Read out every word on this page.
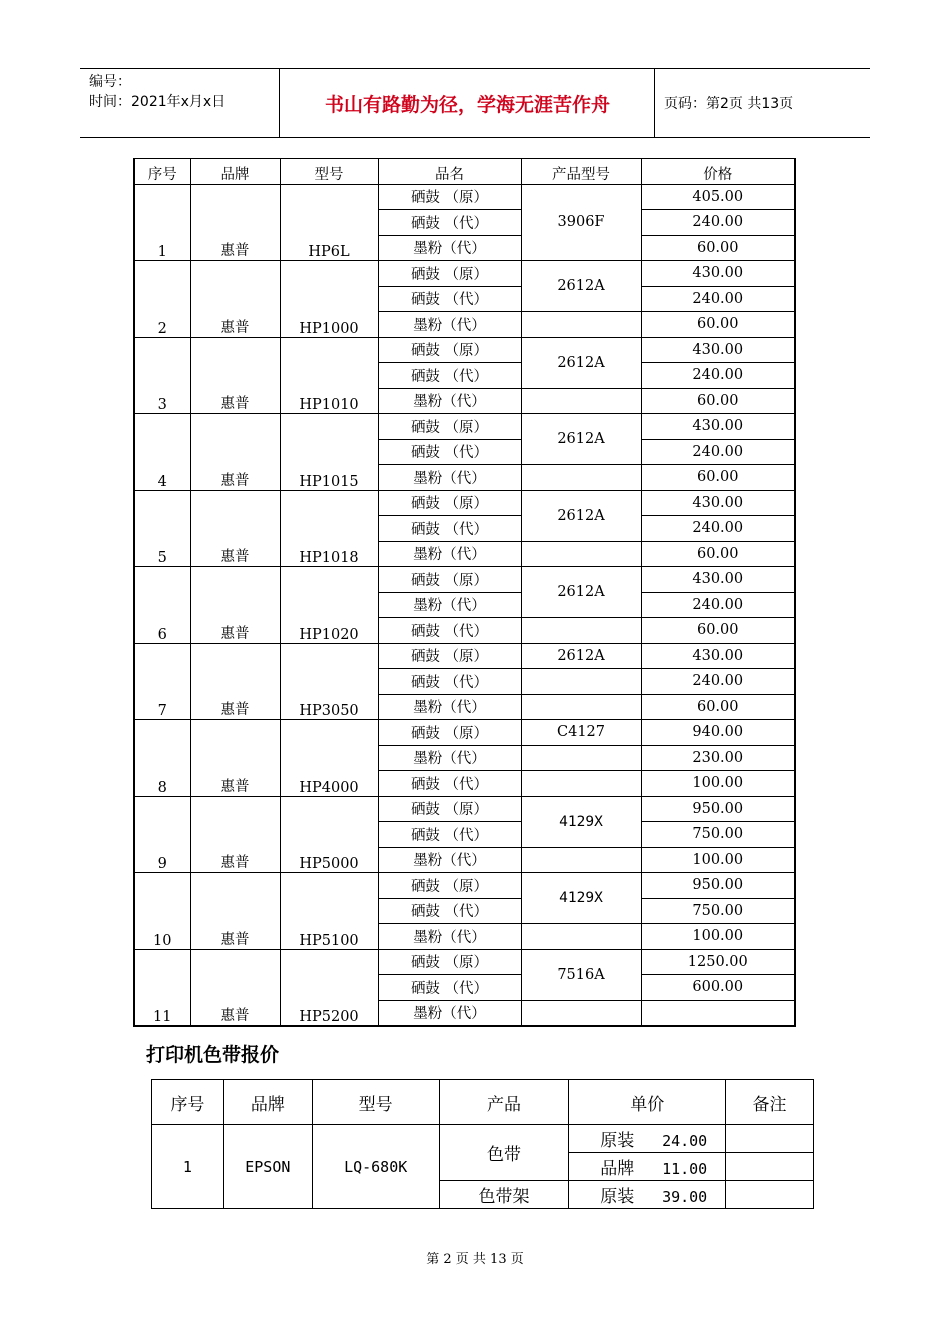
编号：
时间：2021年x月x日	书山有路勤为径，学海无涯苦作舟	页码：第2页 共13页
序号	品牌	型号	品名	产品型号	价格
1	惠普	HP6L	硒鼓 （原）	3906F	405.00
			硒鼓 （代）		240.00
			墨粉（代）		60.00
2	惠普	HP1000	硒鼓 （原）	2612A	430.00
			硒鼓 （代）		240.00
			墨粉（代）		60.00
3	惠普	HP1010	硒鼓 （原）	2612A	430.00
			硒鼓 （代）		240.00
			墨粉（代）		60.00
4	惠普	HP1015	硒鼓 （原）	2612A	430.00
			硒鼓 （代）		240.00
			墨粉（代）		60.00
5	惠普	HP1018	硒鼓 （原）	2612A	430.00
			硒鼓 （代）		240.00
			墨粉（代）		60.00
6	惠普	HP1020	硒鼓 （原）	2612A	430.00
			墨粉（代）		240.00
			硒鼓 （代）		60.00
7	惠普	HP3050	硒鼓 （原）	2612A	430.00
			硒鼓 （代）		240.00
			墨粉（代）		60.00
8	惠普	HP4000	硒鼓 （原）	C4127	940.00
			墨粉（代）		230.00
			硒鼓 （代）		100.00
9	惠普	HP5000	硒鼓 （原）	4129X	950.00
			硒鼓 （代）		750.00
			墨粉（代）		100.00
10	惠普	HP5100	硒鼓 （原）	4129X	950.00
			硒鼓 （代）		750.00
			墨粉（代）		100.00
11	惠普	HP5200	硒鼓 （原）	7516A	1250.00
			硒鼓 （代）		600.00
			墨粉（代）		
打印机色带报价
序号	品牌	型号	产品	单价	备注
1	EPSON	LQ-680K	色带	原装 24.00	
				品牌 11.00	
			色带架	原装 39.00	
第 2 页 共 13 页
